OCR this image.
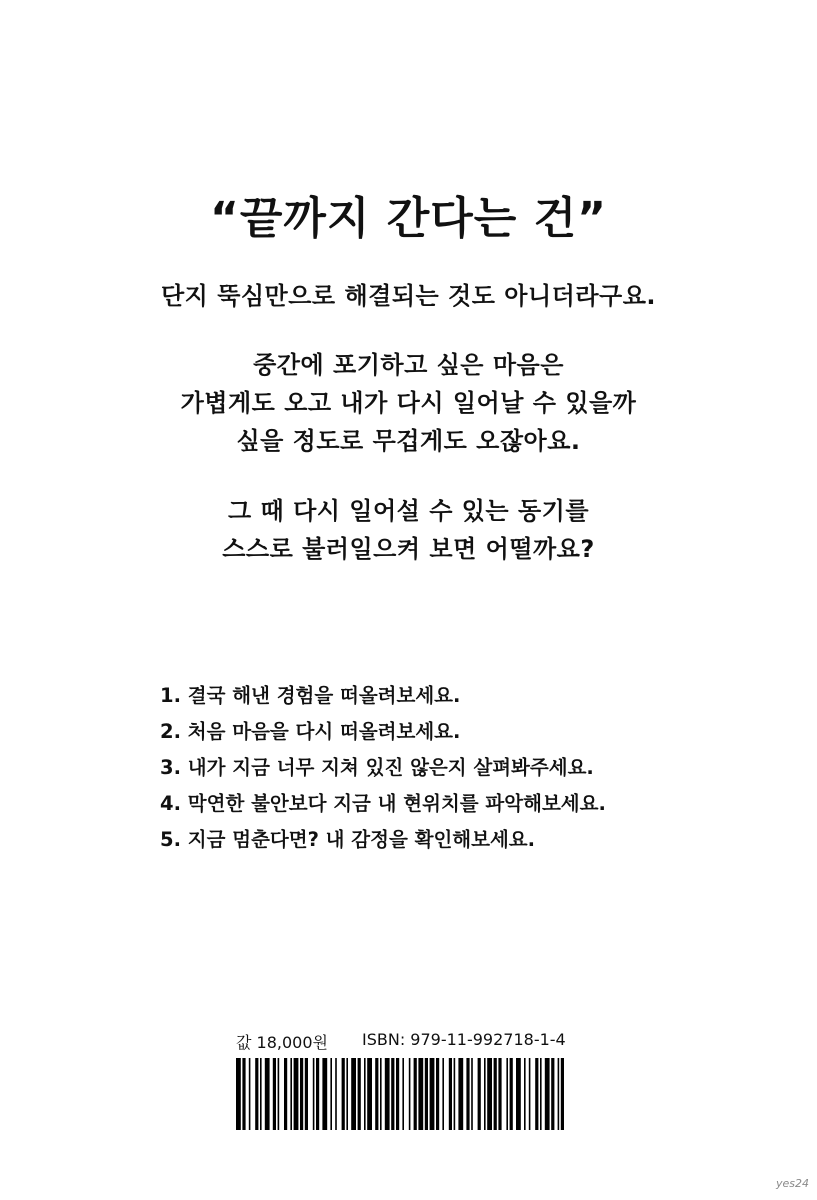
“끝까지 간다는 건”
단지 뚝심만으로 해결되는 것도 아니더라구요.
중간에 포기하고 싶은 마음은
가볍게도 오고 내가 다시 일어날 수 있을까
싶을 정도로 무겁게도 오잖아요.
그 때 다시 일어설 수 있는 동기를
스스로 불러일으켜 보면 어떨까요?
1. 결국 해낸 경험을 떠올려보세요.
2. 처음 마음을 다시 떠올려보세요.
3. 내가 지금 너무 지쳐 있진 않은지 살펴봐주세요.
4. 막연한 불안보다 지금 내 현위치를 파악해보세요.
5. 지금 멈춘다면? 내 감정을 확인해보세요.
값 18,000원 ISBN: 979-11-992718-1-4
yes24
